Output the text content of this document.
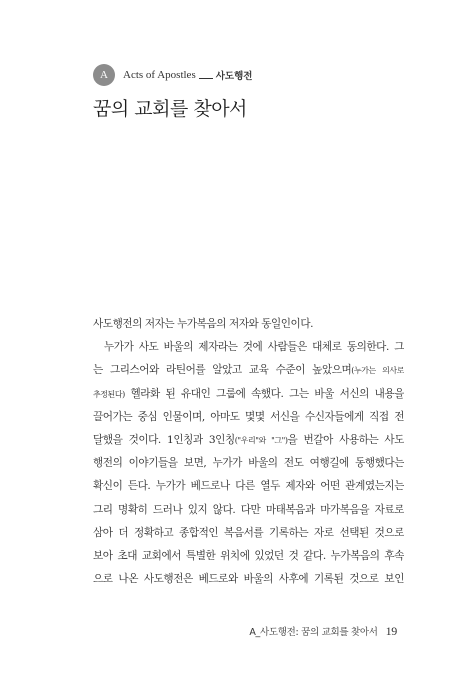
A	Acts of Apostles 사도행전
꿈의 교회를 찾아서
사도행전의 저자는 누가복음의 저자와 동일인이다.
누가가 사도 바울의 제자라는 것에 사람들은 대체로 동의한다. 그
는 그리스어와 라틴어를 알았고 교육 수준이 높았으며(누가는 의사로
추정된다) 헬라화 된 유대인 그룹에 속했다. 그는 바울 서신의 내용을
끌어가는 중심 인물이며, 아마도 몇몇 서신을 수신자들에게 직접 전
달했을 것이다. 1인칭과 3인칭("우리"와 "그")을 번갈아 사용하는 사도
행전의 이야기들을 보면, 누가가 바울의 전도 여행길에 동행했다는
확신이 든다. 누가가 베드로나 다른 열두 제자와 어떤 관계였는지는
그리 명확히 드러나 있지 않다. 다만 마태복음과 마가복음을 자료로
삼아 더 정확하고 종합적인 복음서를 기록하는 자로 선택된 것으로
보아 초대 교회에서 특별한 위치에 있었던 것 같다. 누가복음의 후속
으로 나온 사도행전은 베드로와 바울의 사후에 기록된 것으로 보인
A_사도행전: 꿈의 교회를 찾아서 19
